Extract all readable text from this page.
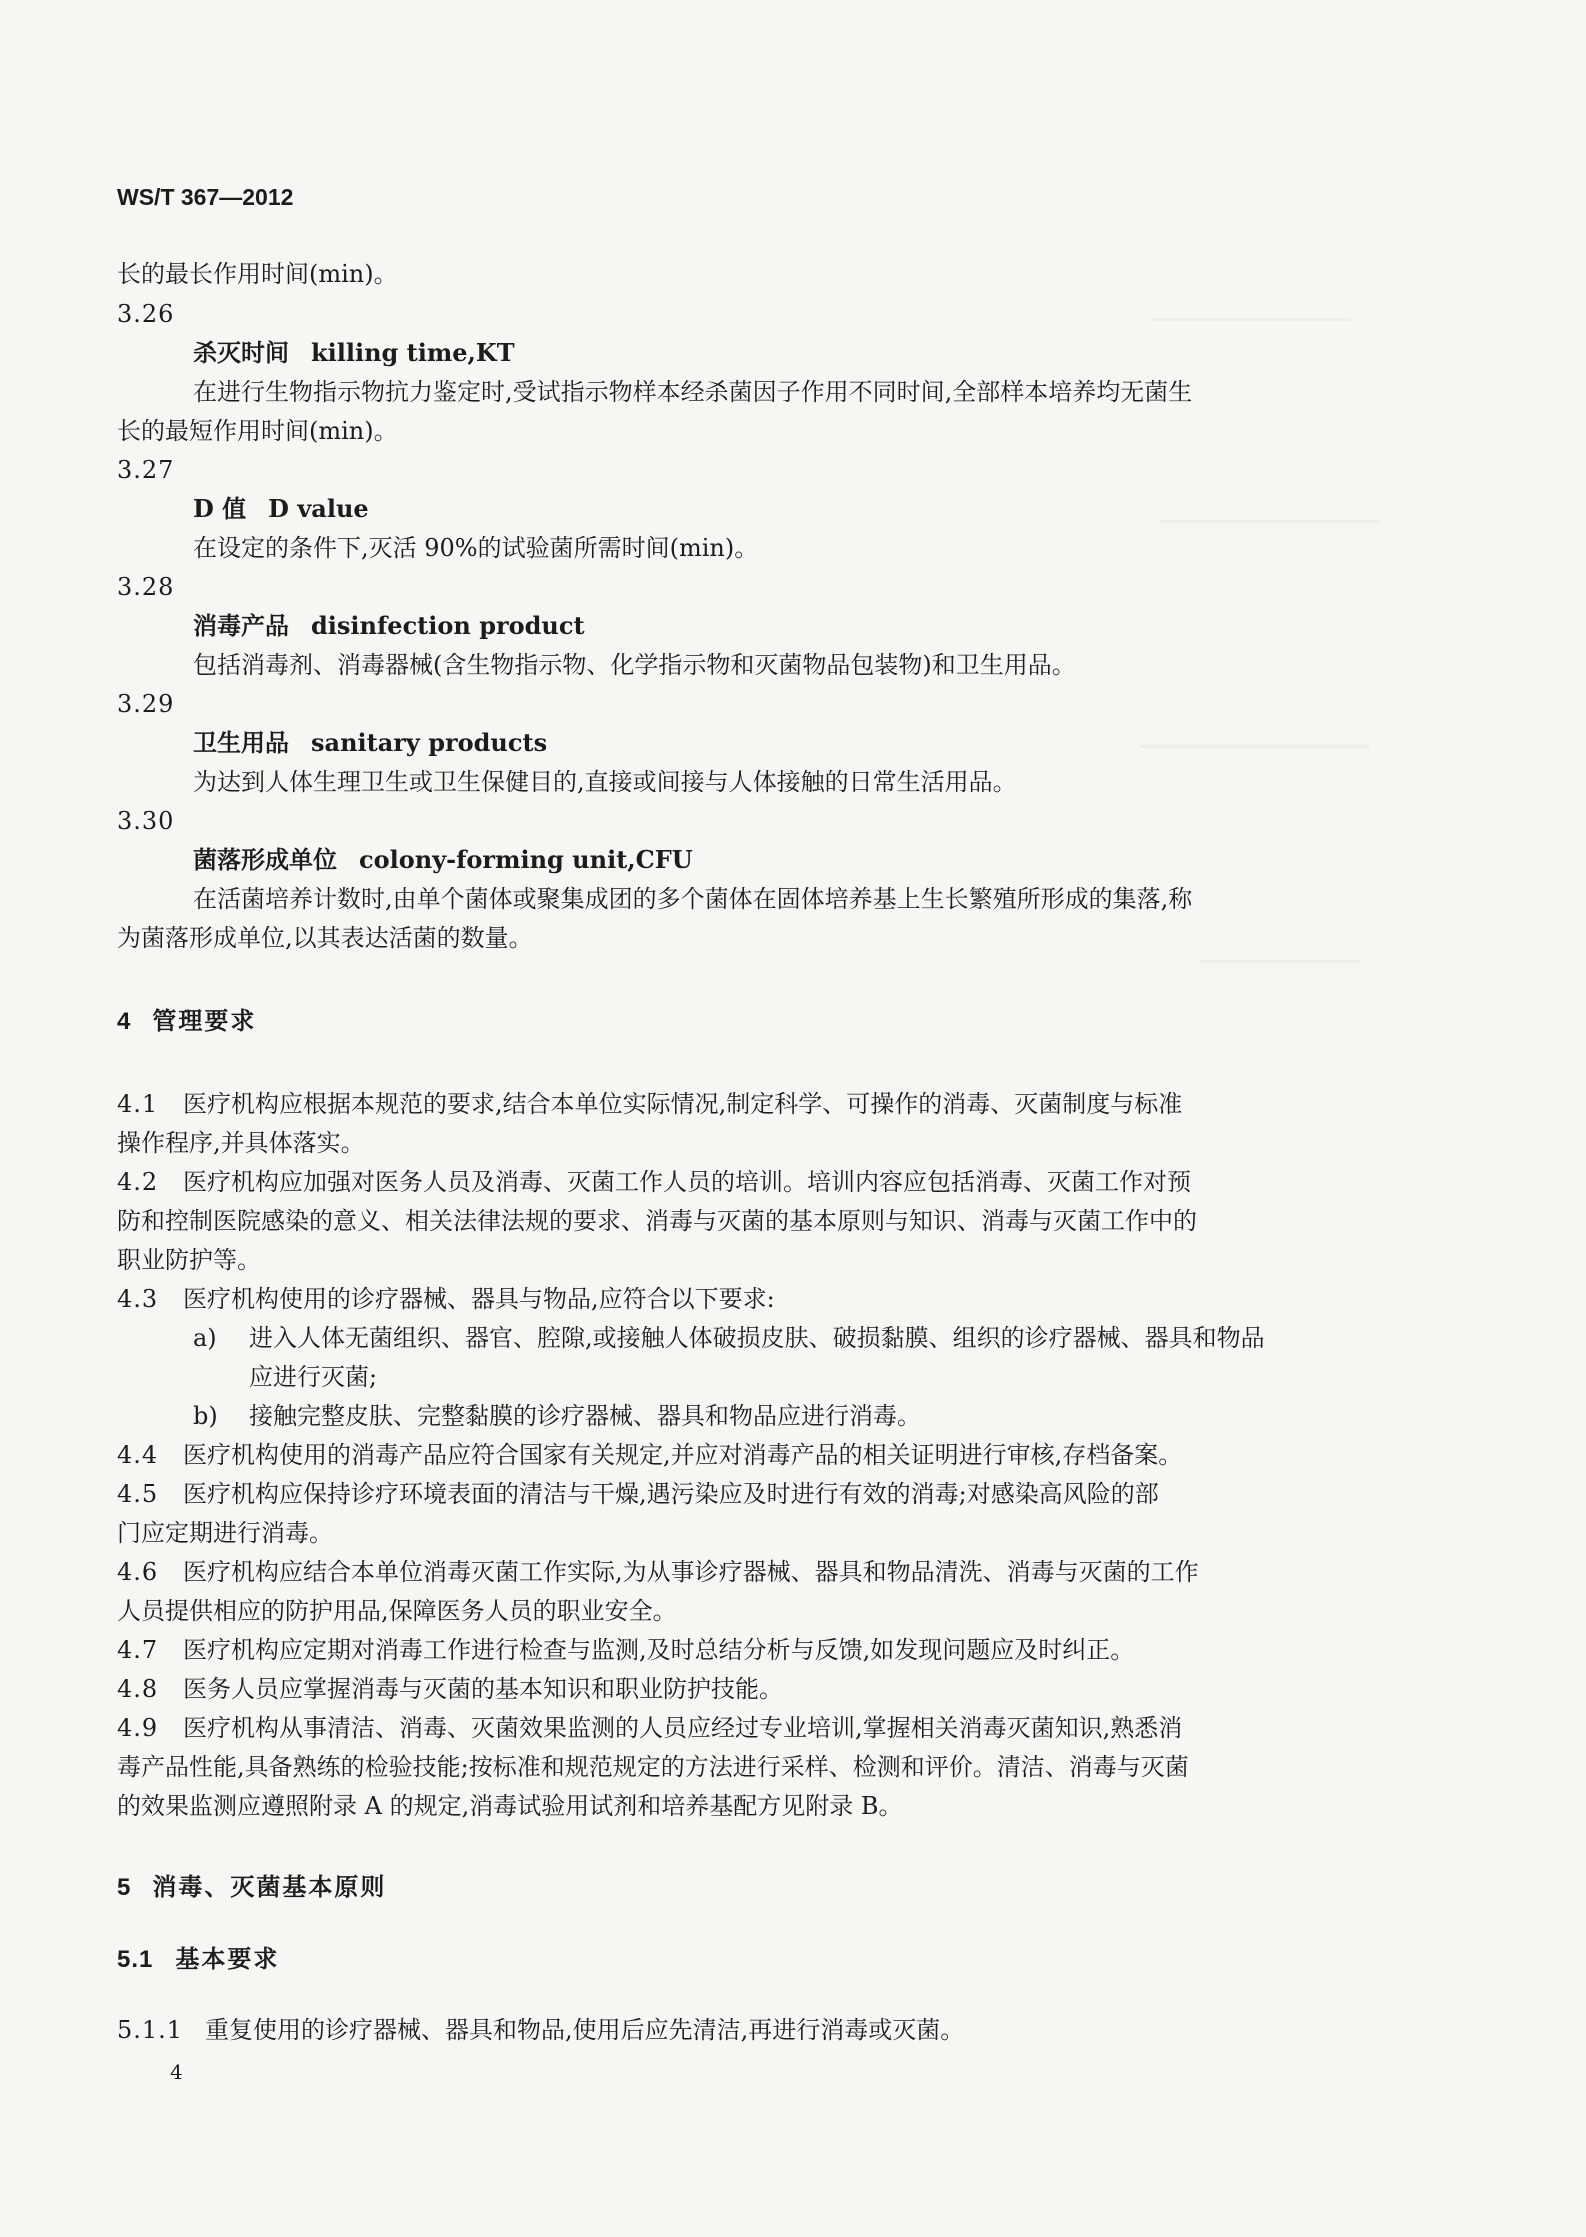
WS/T 367—2012
长的最长作用时间(min)。
3.26
杀灭时间 killing time,KT
在进行生物指示物抗力鉴定时,受试指示物样本经杀菌因子作用不同时间,全部样本培养均无菌生
长的最短作用时间(min)。
3.27
D 值 D value
在设定的条件下,灭活 90%的试验菌所需时间(min)。
3.28
消毒产品 disinfection product
包括消毒剂、消毒器械(含生物指示物、化学指示物和灭菌物品包装物)和卫生用品。
3.29
卫生用品 sanitary products
为达到人体生理卫生或卫生保健目的,直接或间接与人体接触的日常生活用品。
3.30
菌落形成单位 colony-forming unit,CFU
在活菌培养计数时,由单个菌体或聚集成团的多个菌体在固体培养基上生长繁殖所形成的集落,称
为菌落形成单位,以其表达活菌的数量。
4 管理要求
4.1 医疗机构应根据本规范的要求,结合本单位实际情况,制定科学、可操作的消毒、灭菌制度与标准
操作程序,并具体落实。
4.2 医疗机构应加强对医务人员及消毒、灭菌工作人员的培训。培训内容应包括消毒、灭菌工作对预
防和控制医院感染的意义、相关法律法规的要求、消毒与灭菌的基本原则与知识、消毒与灭菌工作中的
职业防护等。
4.3 医疗机构使用的诊疗器械、器具与物品,应符合以下要求:
a) 进入人体无菌组织、器官、腔隙,或接触人体破损皮肤、破损黏膜、组织的诊疗器械、器具和物品
应进行灭菌;
b) 接触完整皮肤、完整黏膜的诊疗器械、器具和物品应进行消毒。
4.4 医疗机构使用的消毒产品应符合国家有关规定,并应对消毒产品的相关证明进行审核,存档备案。
4.5 医疗机构应保持诊疗环境表面的清洁与干燥,遇污染应及时进行有效的消毒;对感染高风险的部
门应定期进行消毒。
4.6 医疗机构应结合本单位消毒灭菌工作实际,为从事诊疗器械、器具和物品清洗、消毒与灭菌的工作
人员提供相应的防护用品,保障医务人员的职业安全。
4.7 医疗机构应定期对消毒工作进行检查与监测,及时总结分析与反馈,如发现问题应及时纠正。
4.8 医务人员应掌握消毒与灭菌的基本知识和职业防护技能。
4.9 医疗机构从事清洁、消毒、灭菌效果监测的人员应经过专业培训,掌握相关消毒灭菌知识,熟悉消
毒产品性能,具备熟练的检验技能;按标准和规范规定的方法进行采样、检测和评价。清洁、消毒与灭菌
的效果监测应遵照附录 A 的规定,消毒试验用试剂和培养基配方见附录 B。
5 消毒、灭菌基本原则
5.1 基本要求
5.1.1 重复使用的诊疗器械、器具和物品,使用后应先清洁,再进行消毒或灭菌。
4
